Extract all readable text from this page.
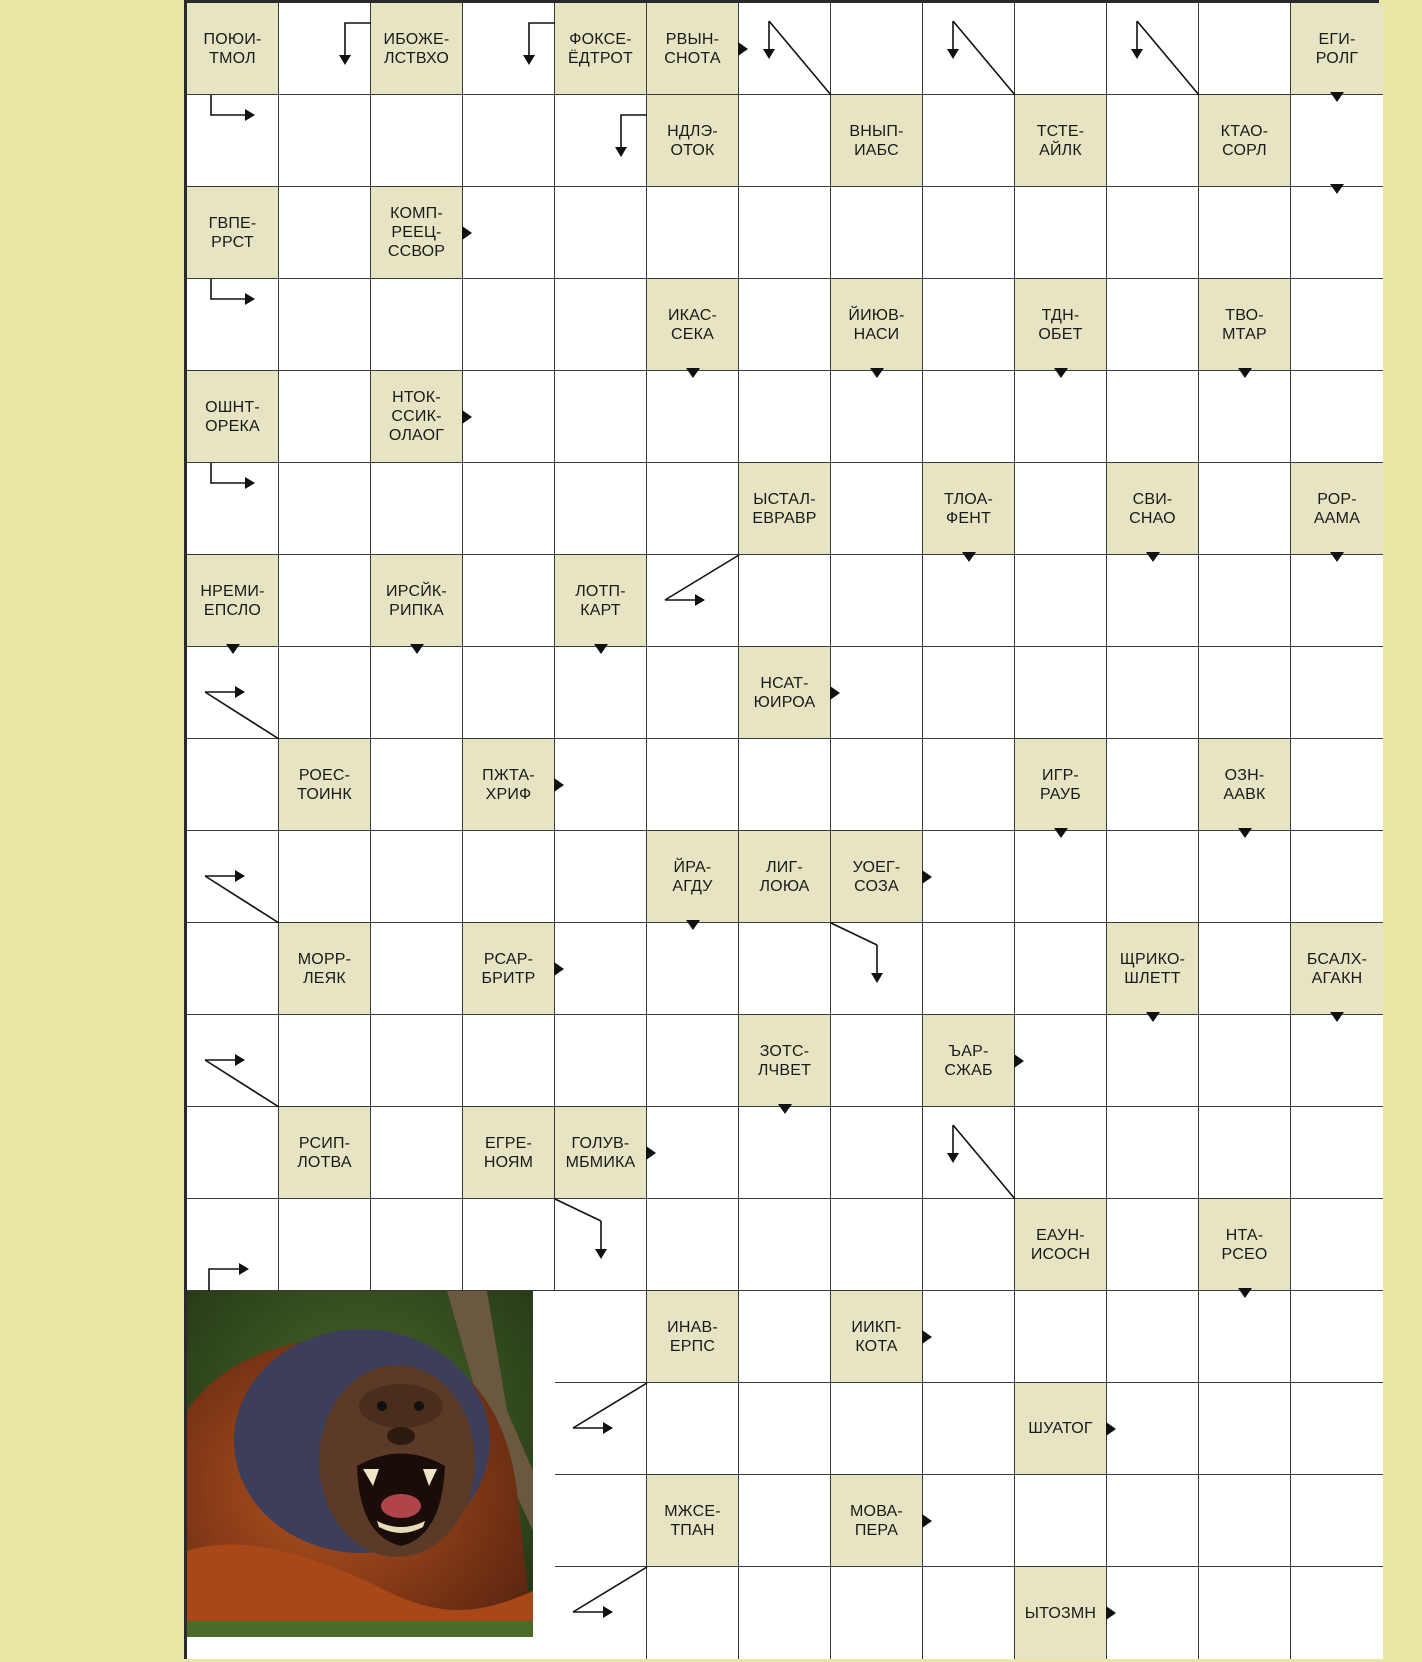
ПОЮИ-
ТМОЛ
ИБОЖЕ-
ЛСТВХО
ФОКСЕ-
ЁДТРОТ
РВЫН-
СНОТА
ЕГИ-
РОЛГ
НДЛЭ-
ОТОК
ВНЫП-
ИАБС
ТСТЕ-
АЙЛК
КТАО-
СОРЛ
ГВПЕ-
РРСТ
КОМП-
РЕЕЦ-
ССВОР
ИКАС-
СЕКА
ЙИЮВ-
НАСИ
ТДН-
ОБЕТ
ТВО-
МТАР
ОШНТ-
ОРЕКА
НТОК-
ССИК-
ОЛАОГ
ЫСТАЛ-
ЕВРАВР
ТЛОА-
ФЕНТ
СВИ-
СНАО
РОР-
ААМА
НРЕМИ-
ЕПСЛО
ИРСЙК-
РИПКА
ЛОТП-
КАРТ
НСАТ-
ЮИРОА
РОЕС-
ТОИНК
ПЖТА-
ХРИФ
ИГР-
РАУБ
ОЗН-
ААВК
ЙРА-
АГДУ
ЛИГ-
ЛОЮА
УОЕГ-
СОЗА
МОРР-
ЛЕЯК
РСАР-
БРИТР
ЩРИКО-
ШЛЕТТ
БСАЛХ-
АГАКН
ЗОТС-
ЛЧВЕТ
ЪАР-
СЖАБ
РСИП-
ЛОТВА
ЕГРЕ-
НОЯМ
ГОЛУВ-
МБМИКА
ЕАУН-
ИСОСН
НТА-
РСЕО
ИНАВ-
ЕРПС
ИИКП-
КОТА
ШУАТОГ
МЖСЕ-
ТПАН
МОВА-
ПЕРА
ЫТОЗМН
